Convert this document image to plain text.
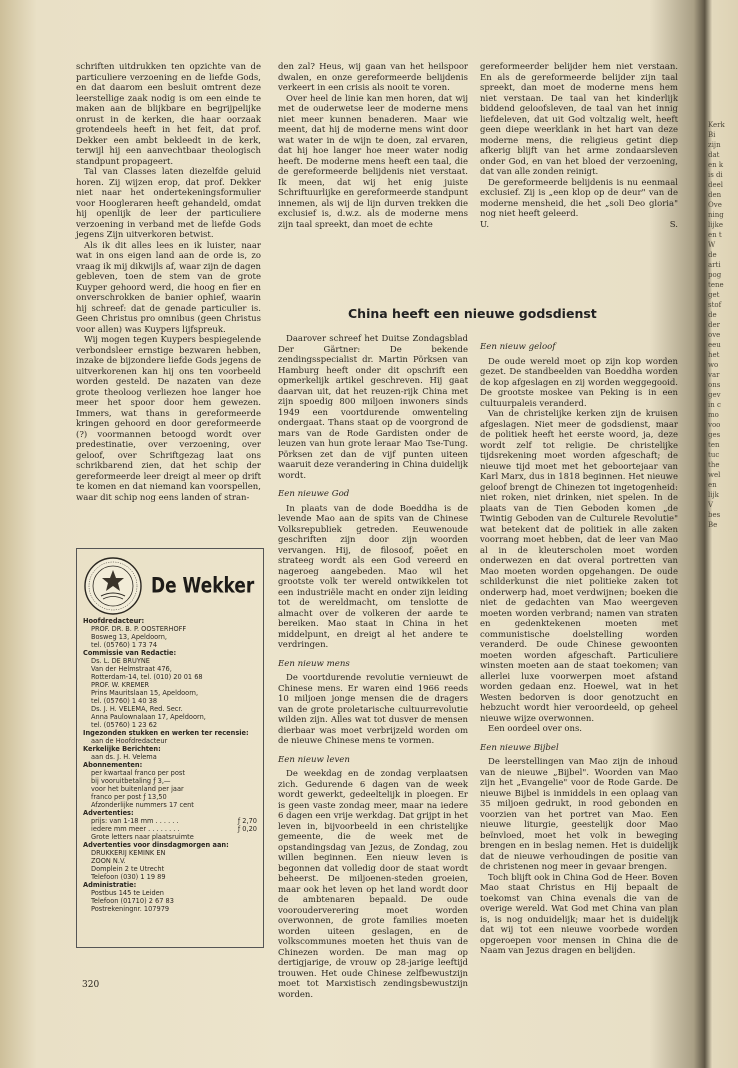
Kerk
Bi
zijn
dat
en k
is di
deel
den
Ove
ning
lijke
en t
W
de
arti
pog
tene
get
stof
de
der
ove
eeu
het
wo
var
ons
gev
in c
mo
voo
ges
ten
tuc
the
wel
en
lijk
V
bes
Be

schriften uitdrukken ten opzichte van de particuliere verzoening en de liefde Gods, en dat daarom een besluit omtrent deze leerstellige zaak nodig is om een einde te maken aan de blijkbare en begrijpelijke onrust in de kerken, die haar oorzaak grotendeels heeft in het feit, dat prof. Dekker een ambt bekleedt in de kerk, terwijl hij een aanvechtbaar theologisch standpunt propageert.

Tal van Classes laten diezelfde geluid horen. Zij wijzen erop, dat prof. Dekker niet naar het ondertekeningsformulier voor Hoogleraren heeft gehandeld, omdat hij openlijk de leer der particuliere verzoening in verband met de liefde Gods jegens Zijn uitverkoren betwist.

Als ik dit alles lees en ik luister, naar wat in ons eigen land aan de orde is, zo vraag ik mij dikwijls af, waar zijn de dagen gebleven, toen de stem van de grote Kuyper gehoord werd, die hoog en fier en onverschrokken de banier ophief, waarin hij schreef: dat de genade particulier is. Geen Christus pro omnibus (geen Christus voor allen) was Kuypers lijfspreuk.

Wij mogen tegen Kuypers bespiegelende verbondsleer ernstige bezwaren hebben, inzake de bijzondere liefde Gods jegens de uitverkorenen kan hij ons ten voorbeeld worden gesteld. De nazaten van deze grote theoloog verliezen hoe langer hoe meer het spoor door hem gewezen. Immers, wat thans in gereformeerde kringen gehoord en door gereformeerde (?) voormannen betoogd wordt over predestinatie, over verzoening, over geloof, over Schriftgezag laat ons schrikbarend zien, dat het schip der gereformeerde leer dreigt al meer op drift te komen en dat niemand kan voorspellen, waar dit schip nog eens landen of stran-

den zal? Heus, wij gaan van het heilspoor dwalen, en onze gereformeerde belijdenis verkeert in een crisis als nooit te voren.

Over heel de linie kan men horen, dat wij met de ouderwetse leer de moderne mens niet meer kunnen benaderen. Maar wie meent, dat hij de moderne mens wint door wat water in de wijn te doen, zal ervaren, dat hij hoe langer hoe meer water nodig heeft. De moderne mens heeft een taal, die de gereformeerde belijdenis niet verstaat. Ik meen, dat wij het enig juiste Schriftuurlijke en gereformeerde standpunt innemen, als wij de lijn durven trekken die exclusief is, d.w.z. als de moderne mens zijn taal spreekt, dan moet de echte

gereformeerder belijder hem niet verstaan. En als de gereformeerde belijder zijn taal spreekt, dan moet de moderne mens hem niet verstaan. De taal van het kinderlijk biddend geloofsleven, de taal van het innig liefdeleven, dat uit God voltzalig welt, heeft geen diepe weerklank in het hart van deze moderne mens, die religieus getint diep afkerig blijft van het arme zondaarsleven onder God, en van het bloed der verzoening, dat van alle zonden reinigt.

De gereformeerde belijdenis is nu eenmaal exclusief. Zij is „een klop op de deur" van de moderne mensheid, die het „soli Deo gloria" nog niet heeft geleerd.

U.	S.
China heeft een nieuwe godsdienst

Daarover schreef het Duitse Zondagsblad Der Gärtner: De bekende zendingsspecialist dr. Martin Pörksen van Hamburg heeft onder dit opschrift een opmerkelijk artikel geschreven. Hij gaat daarvan uit, dat het reuzen-rijk China met zijn spoedig 800 miljoen inwoners sinds 1949 een voortdurende omwenteling ondergaat. Thans staat op de voorgrond de mars van de Rode Gardisten onder de leuzen van hun grote leraar Mao Tse-Tung. Pörksen zet dan de vijf punten uiteen waaruit deze verandering in China duidelijk wordt.

Een nieuwe God

In plaats van de dode Boeddha is de levende Mao aan de spits van de Chinese Volksrepubliek getreden. Eeuwenoude geschriften zijn door zijn woorden vervangen. Hij, de filosoof, poëet en strateeg wordt als een God vereerd en nageroeg aangebeden. Mao wil het grootste volk ter wereld ontwikkelen tot een industriële macht en onder zijn leiding tot de wereldmacht, om tenslotte de almacht over de volkeren der aarde te bereiken. Mao staat in China in het middelpunt, en dreigt al het andere te verdringen.

Een nieuw mens

De voortdurende revolutie vernieuwt de Chinese mens. Er waren eind 1966 reeds 10 miljoen jonge mensen die de dragers van de grote proletarische cultuurrevolutie wilden zijn. Alles wat tot dusver de mensen dierbaar was moet verbrijzeld worden om de nieuwe Chinese mens te vormen.

Een nieuw leven

De weekdag en de zondag verplaatsen zich. Gedurende 6 dagen van de week wordt gewerkt, gedeeltelijk in ploegen. Er is geen vaste zondag meer, maar na iedere 6 dagen een vrije werkdag. Dat grijpt in het leven in, bijvoorbeeld in een christelijke gemeente, die de week met de opstandingsdag van Jezus, de Zondag, zou willen beginnen. Een nieuw leven is begonnen dat volledig door de staat wordt beheerst. De miljoenen-steden groeien, maar ook het leven op het land wordt door de ambtenaren bepaald. De oude voorouderverering moet worden overwonnen, de grote families moeten worden uiteen geslagen, en de volkscommunes moeten het thuis van de Chinezen worden. De man mag op dertigjarige, de vrouw op 28-jarige leeftijd trouwen. Het oude Chinese zelfbewustzijn moet tot Marxistisch zendingsbewustzijn worden.

Een nieuw geloof

De oude wereld moet op zijn kop worden gezet. De standbeelden van Boeddha worden de kop afgeslagen en zij worden weggegooid. De grootste moskee van Peking is in een cultuurpaleis veranderd.

Van de christelijke kerken zijn de kruisen afgeslagen. Niet meer de godsdienst, maar de politiek heeft het eerste woord, ja, deze wordt zelf tot religie. De christelijke tijdsrekening moet worden afgeschaft; de nieuwe tijd moet met het geboortejaar van Karl Marx, dus in 1818 beginnen. Het nieuwe geloof brengt de Chinezen tot ingetogenheid: niet roken, niet drinken, niet spelen. In de plaats van de Tien Geboden komen „de Twintig Geboden van de Culturele Revolutie" wat betekent dat de politiek in alle zaken voorrang moet hebben, dat de leer van Mao al in de kleuterscholen moet worden onderwezen en dat overal portretten van Mao moeten worden opgehangen. De oude schilderkunst die niet politieke zaken tot onderwerp had, moet verdwijnen; boeken die niet de gedachten van Mao weergeven moeten worden verbrand; namen van straten en gedenktekenen moeten met communistische doelstelling worden veranderd. De oude Chinese gewoonten moeten worden afgeschaft. Particuliere winsten moeten aan de staat toekomen; van allerlei luxe voorwerpen moet afstand worden gedaan enz. Hoewel, wat in het Westen bedorven is door genotzucht en hebzucht wordt hier veroordeeld, op geheel nieuwe wijze overwonnen.

Een oordeel over ons.

Een nieuwe Bijbel

De leerstellingen van Mao zijn de inhoud van de nieuwe „Bijbel". Woorden van Mao zijn het „Evangelie" voor de Rode Garde. De nieuwe Bijbel is inmiddels in een oplaag van 35 miljoen gedrukt, in rood gebonden en voorzien van het portret van Mao. Een nieuwe liturgie, geestelijk door Mao beïnvloed, moet het volk in beweging brengen en in beslag nemen. Het is duidelijk dat de nieuwe verhoudingen de positie van de christenen nog meer in gevaar brengen.

Toch blijft ook in China God de Heer. Boven Mao staat Christus en Hij bepaalt de toekomst van China evenals die van de overige wereld. Wat God met China van plan is, is nog onduidelijk; maar het is duidelijk dat wij tot een nieuwe voorbede worden opgeroepen voor mensen in China die de Naam van Jezus dragen en belijden.

De Wekker
Hoofdredacteur:
PROF. DR. B. P. OOSTERHOFF
Bosweg 13, Apeldoorn,
tel. (05760) 1 73 74
Commissie van Redactie:
Ds. L. DE BRUYNE
Van der Helmstraat 476,
Rotterdam-14, tel. (010) 20 01 68
PROF. W. KREMER
Prins Mauritslaan 15, Apeldoorn,
tel. (05760) 1 40 38
Ds. J. H. VELEMA, Red. Secr.
Anna Paulownalaan 17, Apeldoorn,
tel. (05760) 1 23 62
Ingezonden stukken en werken ter recensie:
aan de Hoofdredacteur
Kerkelijke Berichten:
aan ds. J. H. Velema
Abonnementen:
per kwartaal franco per post
bij vooruitbetaling ƒ 3,—
voor het buitenland per jaar
franco per post ƒ 13,50
Afzonderlijke nummers 17 cent
Advertenties:
prijs: van 1-18 mm . . . . . .	ƒ 2,70
iedere mm meer . . . . . . . .	ƒ 0,20
Grote letters naar plaatsruimte
Advertenties voor dinsdagmorgen aan:
DRUKKERIJ KEMINK EN
ZOON N.V.
Domplein 2 te Utrecht
Telefoon (030) 1 19 89
Administratie:
Postbus 145 te Leiden
Telefoon (01710) 2 67 83
Postrekeningnr. 107979
320
